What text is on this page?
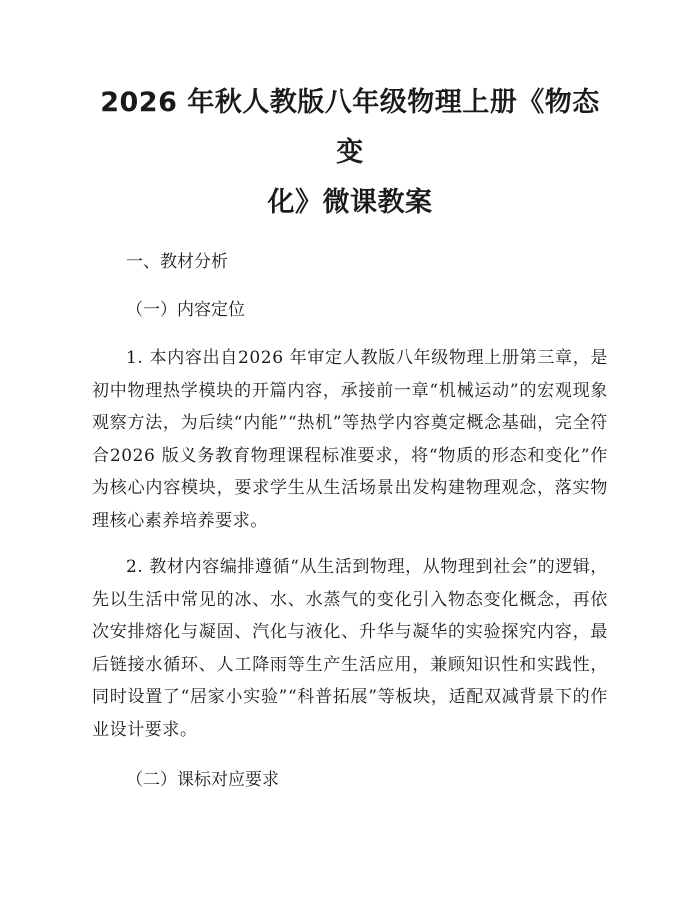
2026 年秋人教版八年级物理上册《物态变
化》微课教案
一、教材分析
（一）内容定位

1. 本内容出自2026 年审定人教版八年级物理上册第三章，是初中物理热学模块的开篇内容，承接前一章“机械运动”的宏观现象观察方法，为后续“内能”“热机”等热学内容奠定概念基础，完全符合2026 版义务教育物理课程标准要求，将“物质的形态和变化”作为核心内容模块，要求学生从生活场景出发构建物理观念，落实物理核心素养培养要求。

2. 教材内容编排遵循“从生活到物理，从物理到社会”的逻辑，先以生活中常见的冰、水、水蒸气的变化引入物态变化概念，再依次安排熔化与凝固、汽化与液化、升华与凝华的实验探究内容，最后链接水循环、人工降雨等生产生活应用，兼顾知识性和实践性，同时设置了“居家小实验”“科普拓展”等板块，适配双减背景下的作业设计要求。

（二）课标对应要求
